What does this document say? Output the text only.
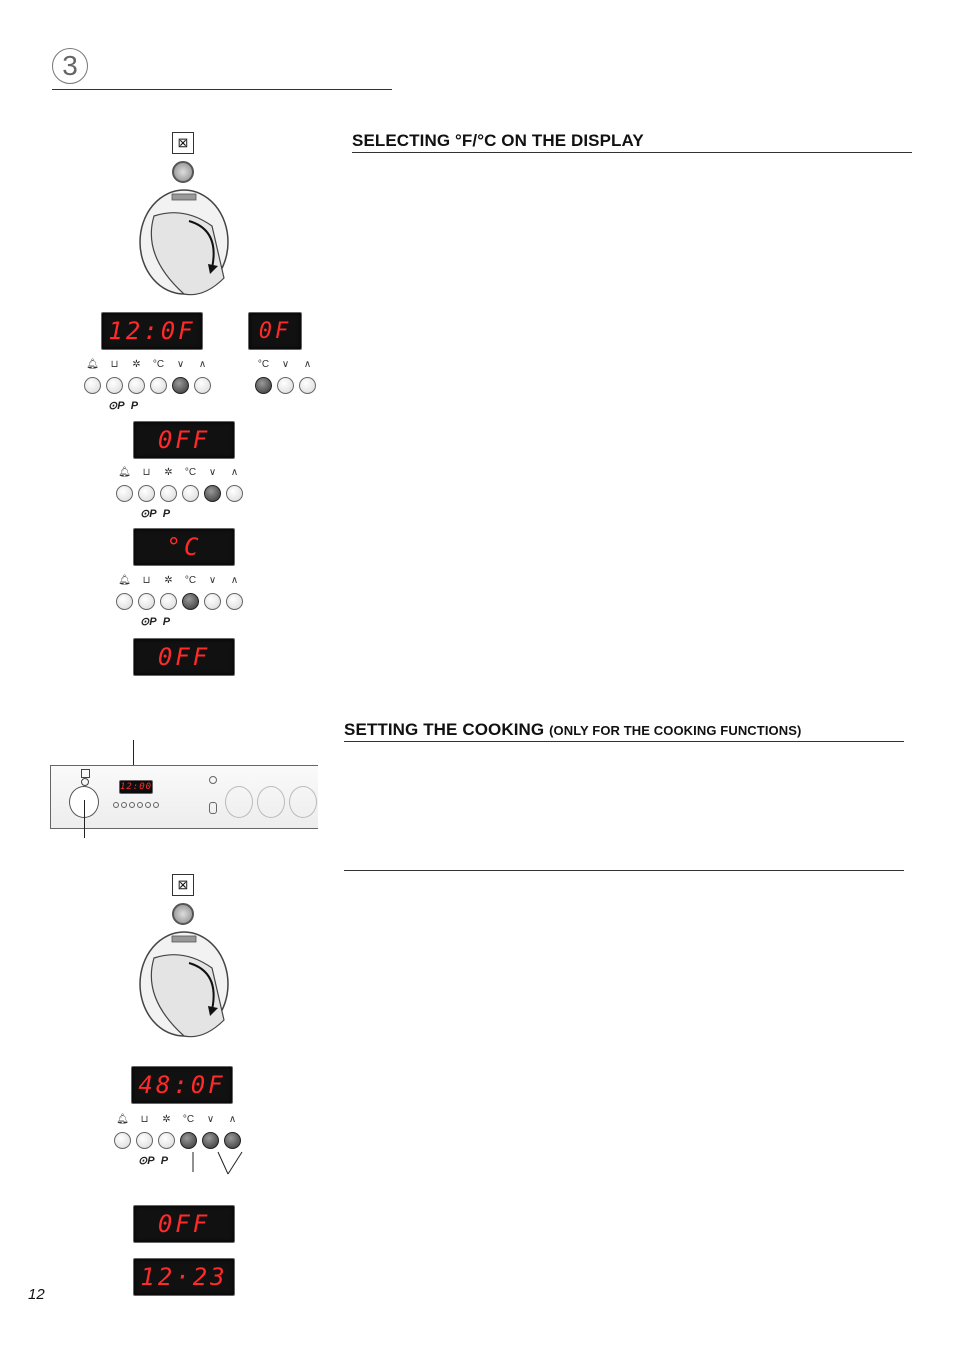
3
SELECTING °F/°C ON THE DISPLAY
SETTING THE COOKING (ONLY FOR THE COOKING FUNCTIONS)
⊠
12:0F	0F
🔔︎	⊔	✲	°C	∨	∧
⊙P P
°C	∨	∧
0FF
🔔︎	⊔	✲	°C	∨	∧
⊙P P
°C
🔔︎	⊔	✲	°C	∨	∧
⊙P P
0FF
12:00
⊠
48:0F
🔔︎	⊔	✲	°C	∨	∧
⊙P P
0FF
12·23
12
